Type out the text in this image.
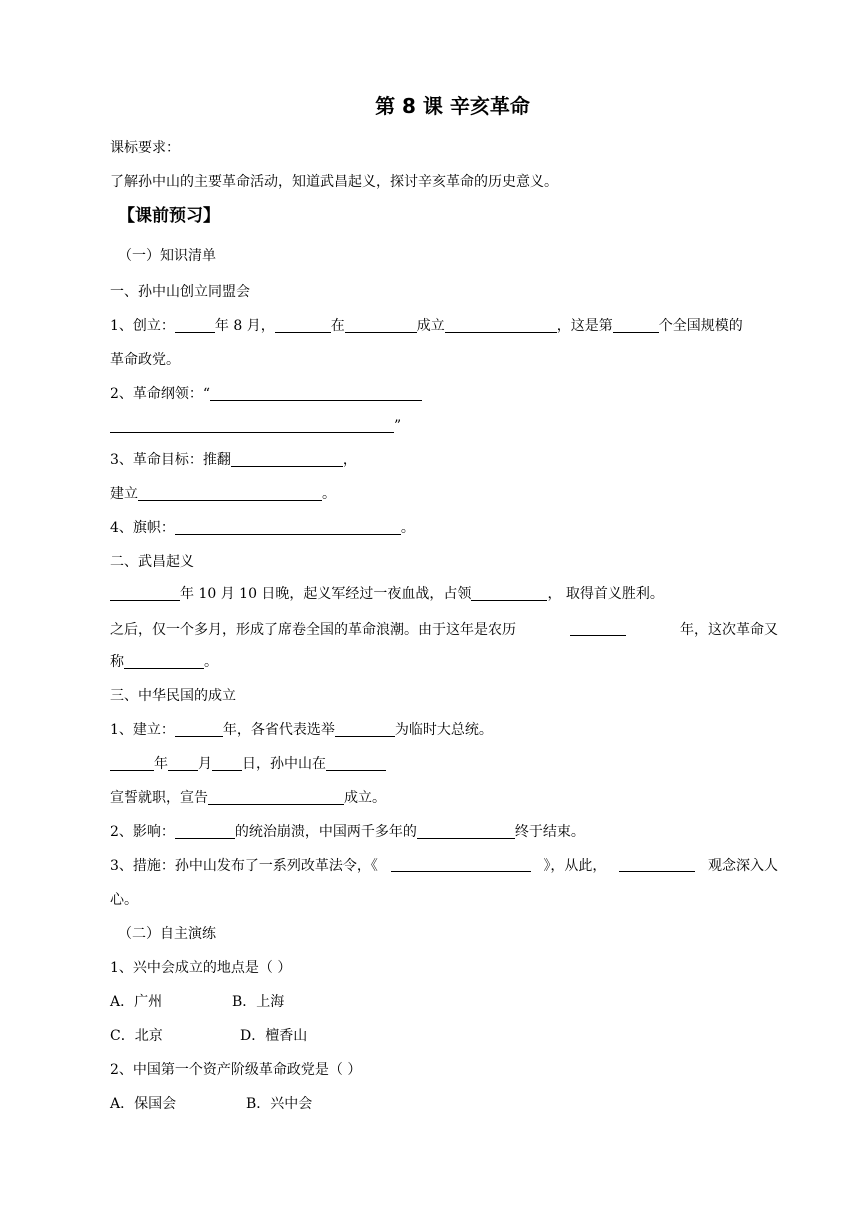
第 8 课 辛亥革命
课标要求：
了解孙中山的主要革命活动，知道武昌起义，探讨辛亥革命的历史意义。
【课前预习】
（一）知识清单
一、孙中山创立同盟会
1、创立：	年 8 月，	在	成立	，这是第	个全国规模的
革命政党。
2、革命纲领：“
”
3、革命目标：推翻	，
建立	。
4、旗帜：	。
二、武昌起义
年 10 月 10 日晚，起义军经过一夜血战，占领	， 取得首义胜利。
之后，仅一个多月，形成了席卷全国的革命浪潮。由于这年是农历	年，这次革命又
称	。
三、中华民国的成立
1、建立：	年，各省代表选举	为临时大总统。
年 月 日，孙中山在
宣誓就职，宣告	成立。
2、影响：	的统治崩溃，中国两千多年的	终于结束。
3、措施：孙中山发布了一系列改革法令，《	》，从此，	观念深入人
心。
（二）自主演练
1、兴中会成立的地点是（ ）
A．广州	B．上海
C．北京	D．檀香山
2、中国第一个资产阶级革命政党是（ ）
A．保国会	B．兴中会
